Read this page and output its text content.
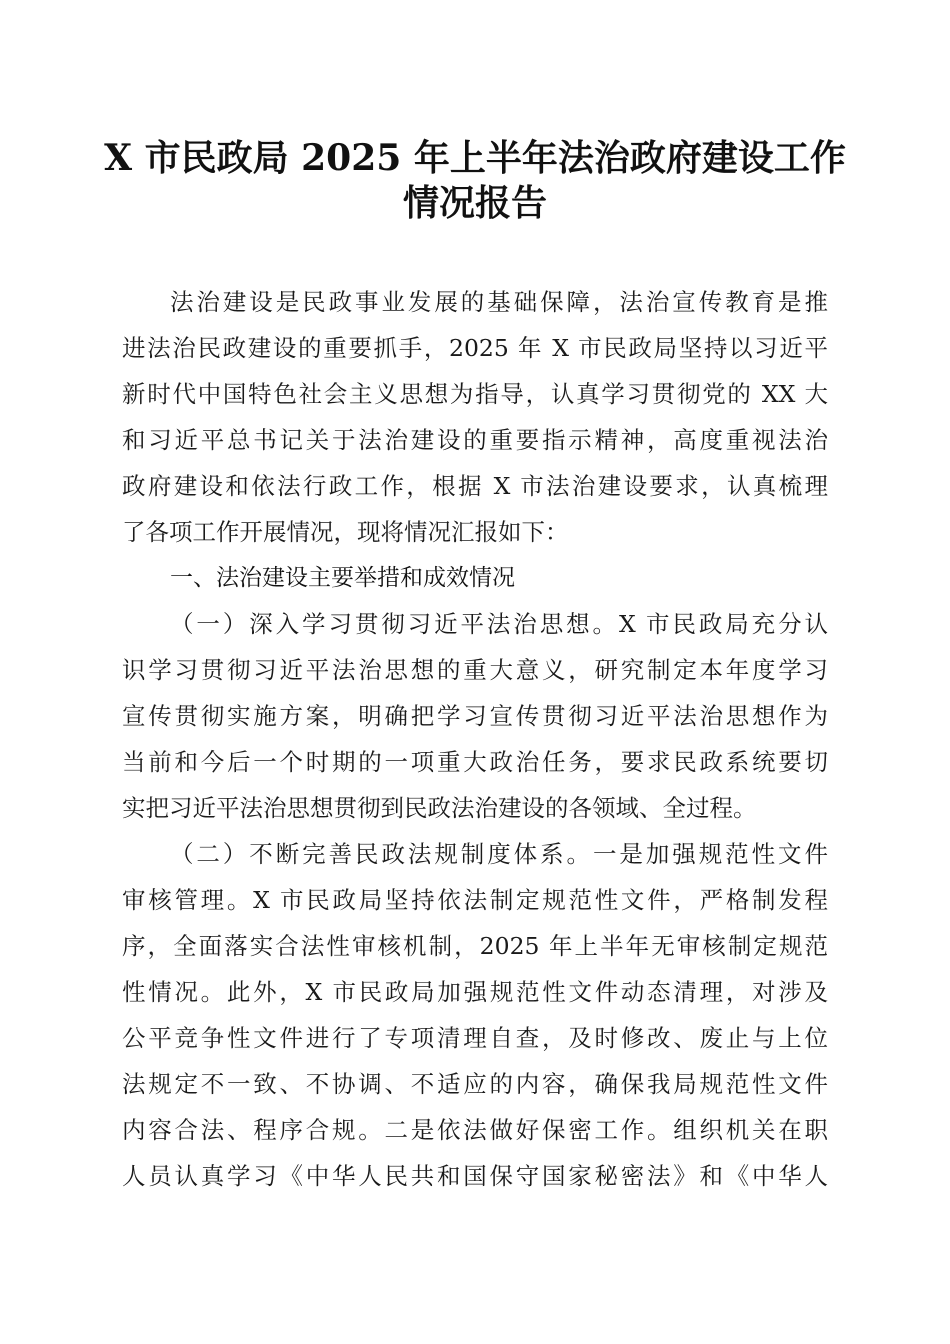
X 市民政局 2025 年上半年法治政府建设工作
情况报告
法治建设是民政事业发展的基础保障，法治宣传教育是推
进法治民政建设的重要抓手，2025 年 X 市民政局坚持以习近平
新时代中国特色社会主义思想为指导，认真学习贯彻党的 XX 大
和习近平总书记关于法治建设的重要指示精神，高度重视法治
政府建设和依法行政工作，根据 X 市法治建设要求，认真梳理
了各项工作开展情况，现将情况汇报如下：
一、法治建设主要举措和成效情况
（一）深入学习贯彻习近平法治思想。X 市民政局充分认
识学习贯彻习近平法治思想的重大意义，研究制定本年度学习
宣传贯彻实施方案，明确把学习宣传贯彻习近平法治思想作为
当前和今后一个时期的一项重大政治任务，要求民政系统要切
实把习近平法治思想贯彻到民政法治建设的各领域、全过程。
（二）不断完善民政法规制度体系。一是加强规范性文件
审核管理。X 市民政局坚持依法制定规范性文件，严格制发程
序，全面落实合法性审核机制，2025 年上半年无审核制定规范
性情况。此外，X 市民政局加强规范性文件动态清理，对涉及
公平竞争性文件进行了专项清理自查，及时修改、废止与上位
法规定不一致、不协调、不适应的内容，确保我局规范性文件
内容合法、程序合规。二是依法做好保密工作。组织机关在职
人员认真学习《中华人民共和国保守国家秘密法》和《中华人
